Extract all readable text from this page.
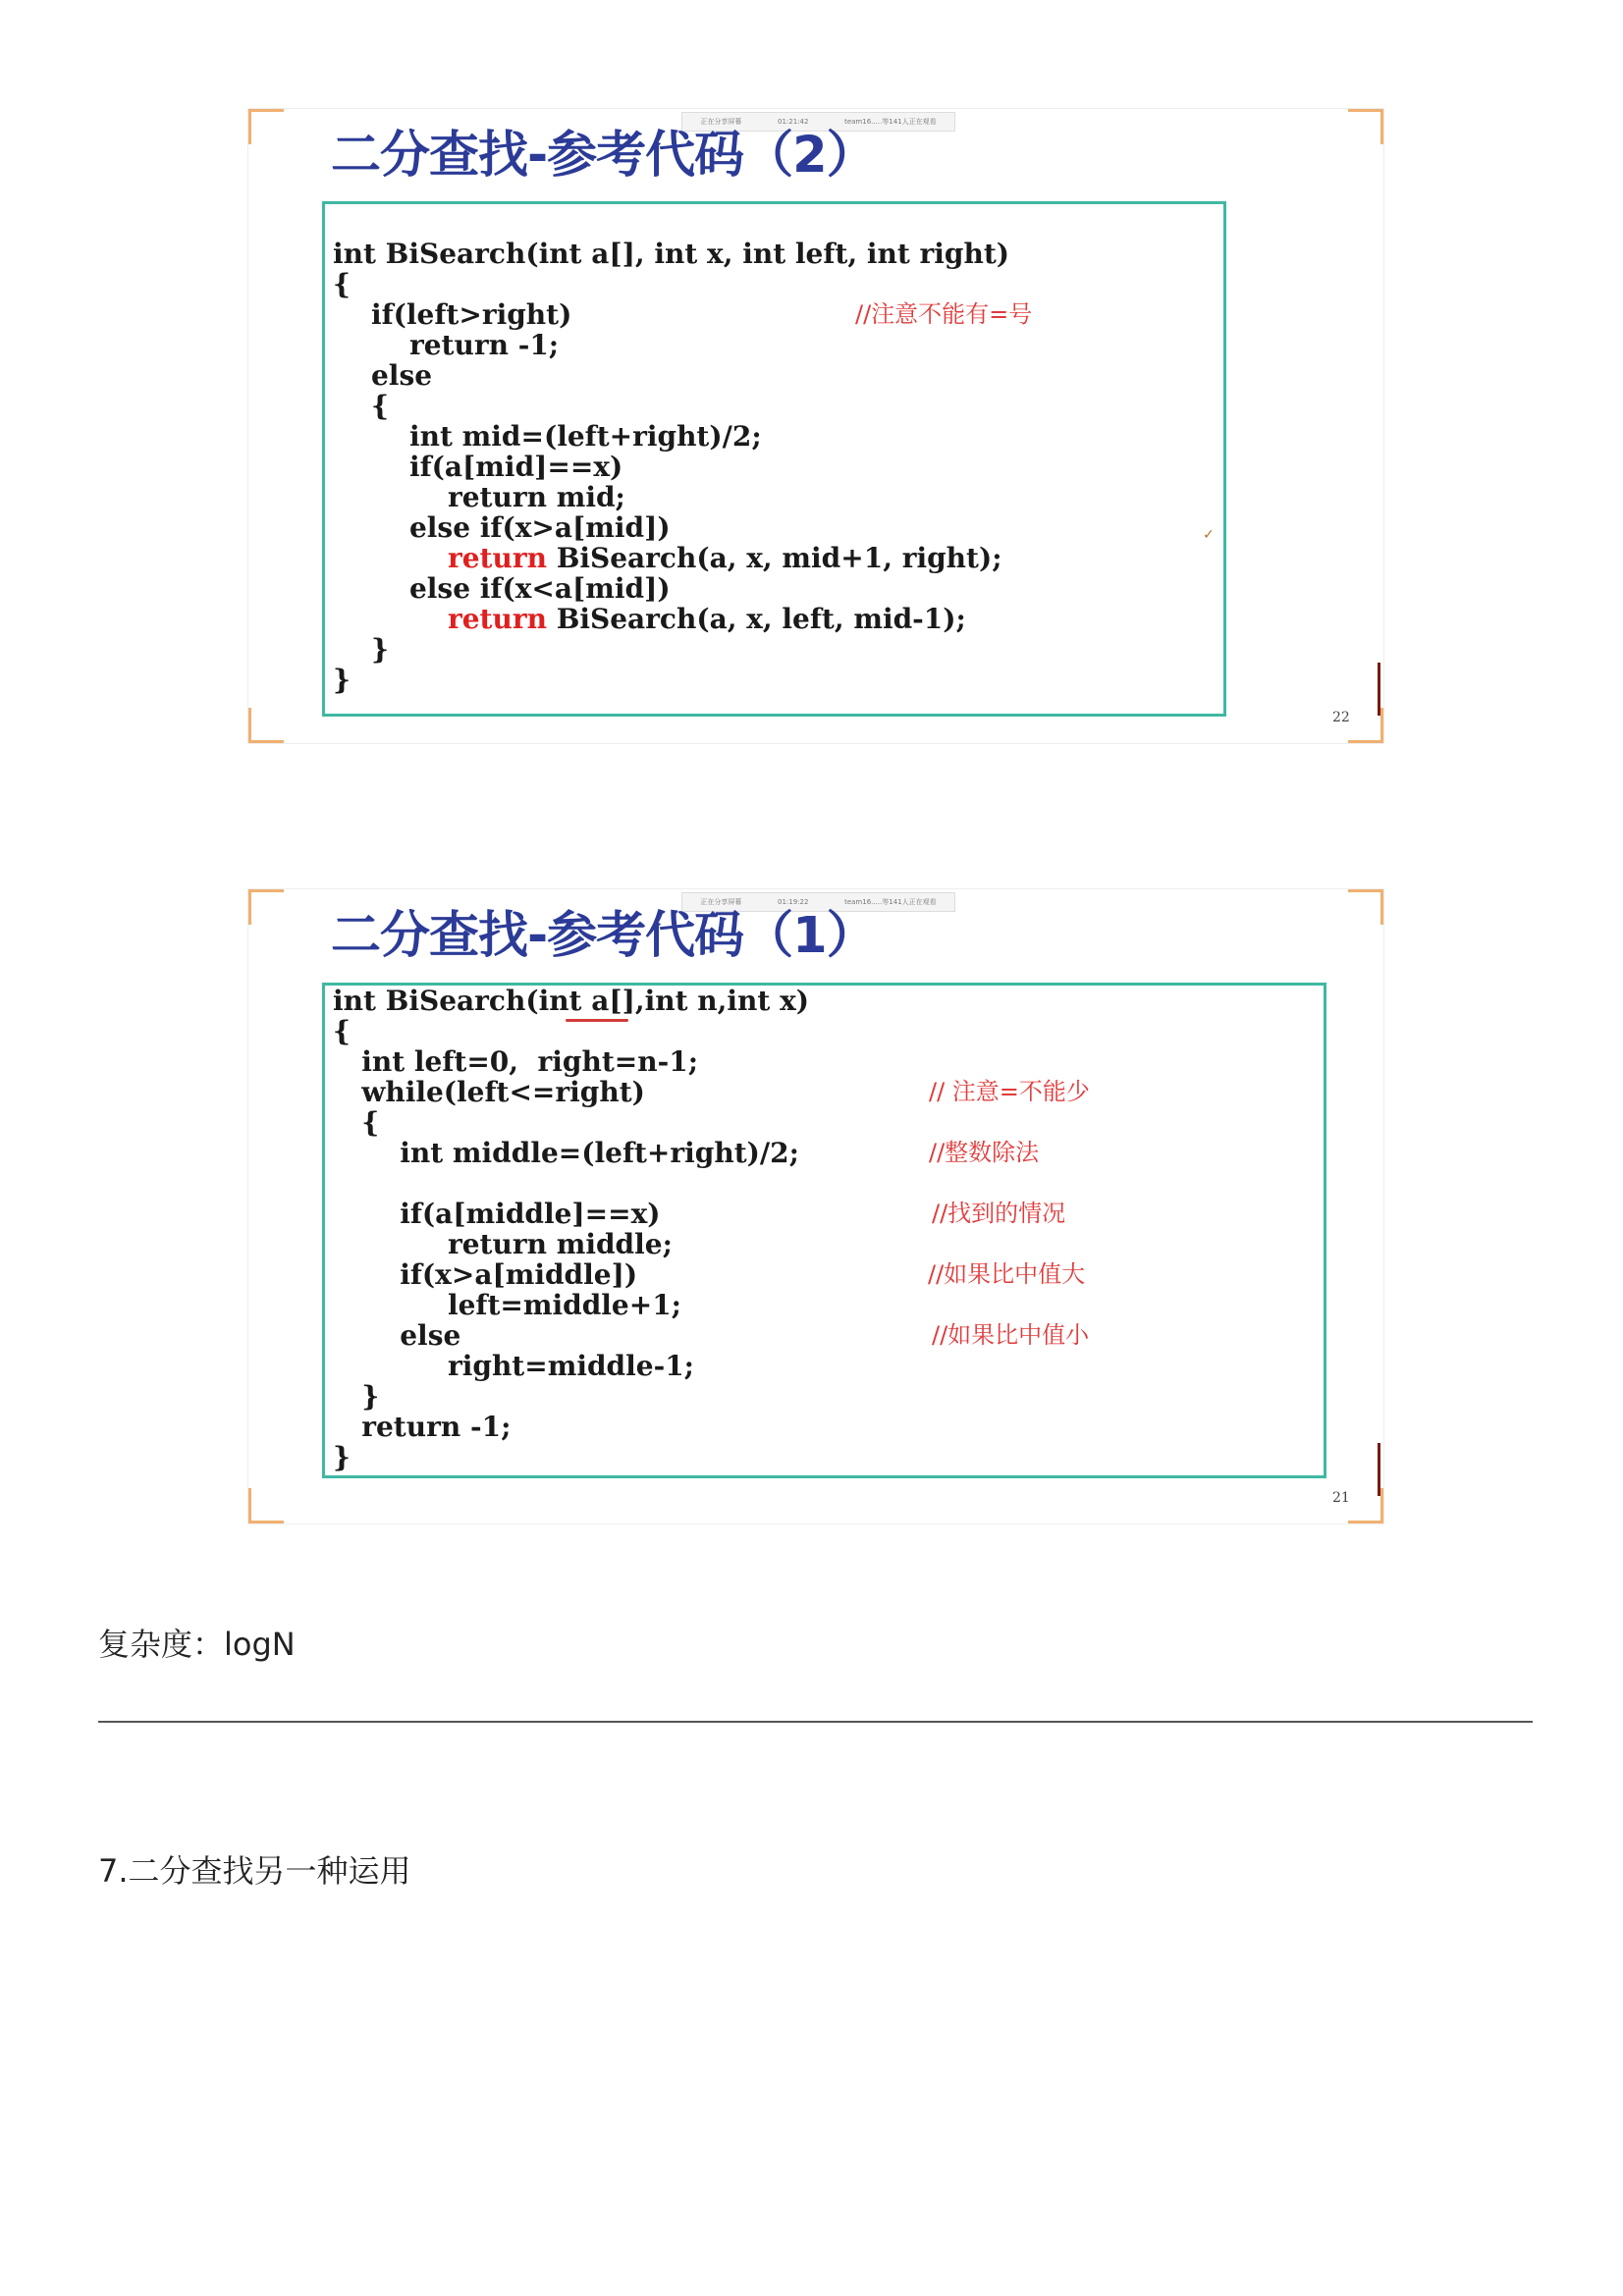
正在分享屏幕	01:21:42	team16.....等141人正在观看
二分查找-参考代码（2）
int BiSearch(int a[], int x, int left, int right)
{
if(left>right)
return -1;
else
{
int mid=(left+right)/2;
if(a[mid]==x)
return mid;
else if(x>a[mid])
return BiSearch(a, x, mid+1, right);
else if(x<a[mid])
return BiSearch(a, x, left, mid-1);
}
}
//注意不能有=号
✓
22
正在分享屏幕	01:19:22	team16.....等141人正在观看
二分查找-参考代码（1）
int BiSearch(int a[],int n,int x)
{
int left=0,  right=n-1;
while(left<=right)
{
int middle=(left+right)/2;
if(a[middle]==x)
return middle;
if(x>a[middle])
left=middle+1;
else
right=middle-1;
}
return -1;
}
// 注意=不能少
//整数除法
//找到的情况
//如果比中值大
//如果比中值小
21
复杂度：logN
7.二分查找另一种运用
